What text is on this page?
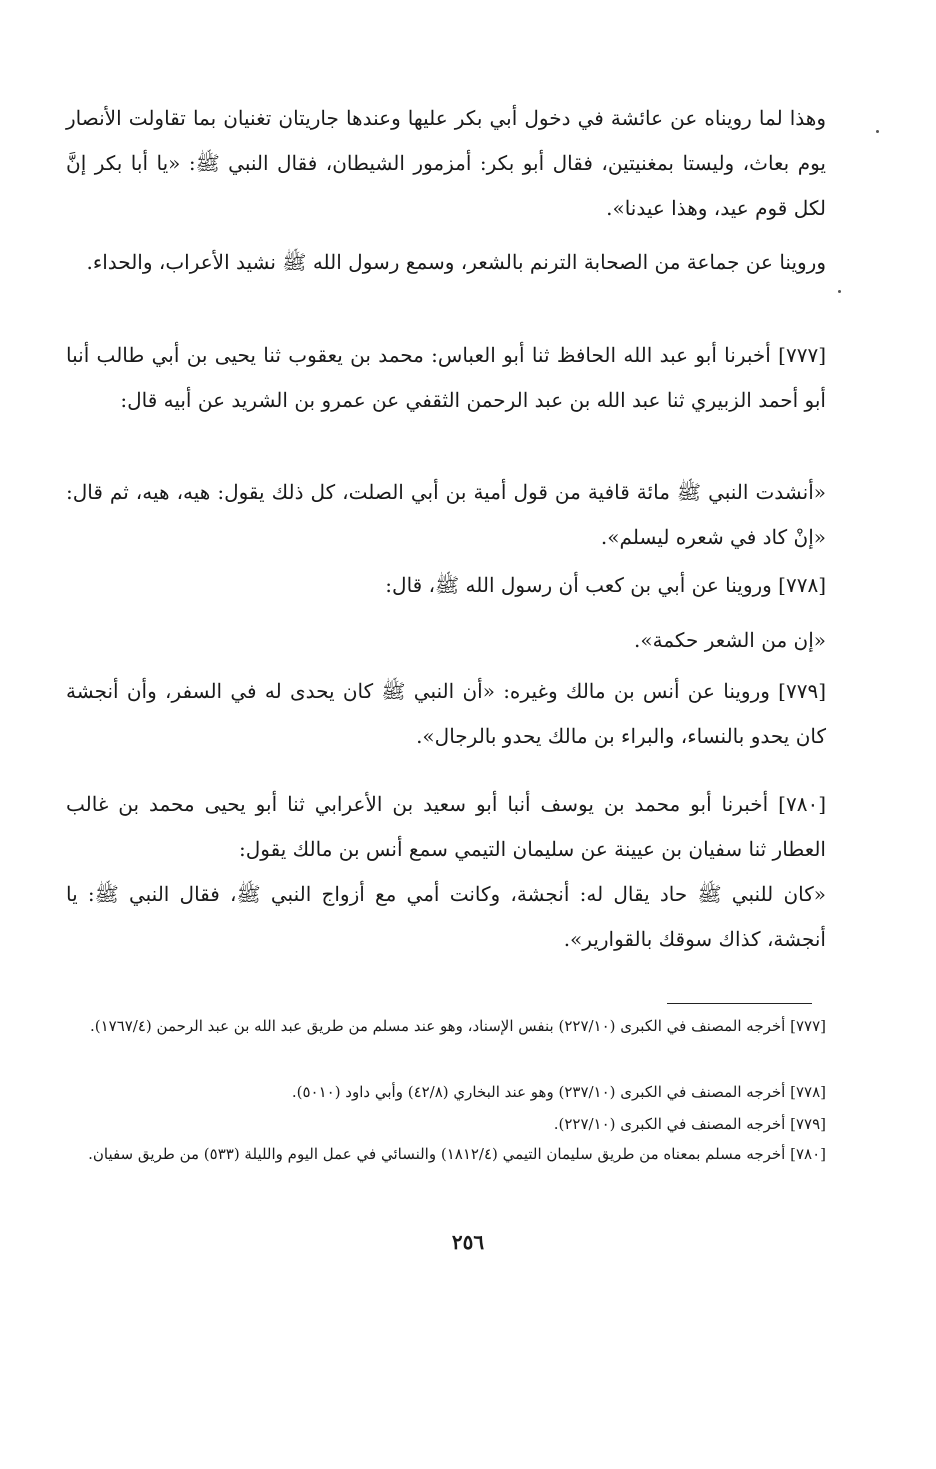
وهذا لما رويناه عن عائشة في دخول أبي بكر عليها وعندها جاريتان تغنيان بما تقاولت الأنصار يوم بعاث، وليستا بمغنيتين، فقال أبو بكر: أمزمور الشيطان، فقال النبي ﷺ: «يا أبا بكر إنَّ لكل قوم عيد، وهذا عيدنا».

وروينا عن جماعة من الصحابة الترنم بالشعر، وسمع رسول الله ﷺ نشيد الأعراب، والحداء.

[٧٧٧] أخبرنا أبو عبد الله الحافظ ثنا أبو العباس: محمد بن يعقوب ثنا يحيى بن أبي طالب أنبا أبو أحمد الزبيري ثنا عبد الله بن عبد الرحمن الثقفي عن عمرو بن الشريد عن أبيه قال:

«أنشدت النبي ﷺ مائة قافية من قول أمية بن أبي الصلت، كل ذلك يقول: هيه، هيه، ثم قال: «إنْ كاد في شعره ليسلم».

[٧٧٨] وروينا عن أبي بن كعب أن رسول الله ﷺ، قال:

«إن من الشعر حكمة».

[٧٧٩] وروينا عن أنس بن مالك وغيره: «أن النبي ﷺ كان يحدى له في السفر، وأن أنجشة كان يحدو بالنساء، والبراء بن مالك يحدو بالرجال».

[٧٨٠] أخبرنا أبو محمد بن يوسف أنبا أبو سعيد بن الأعرابي ثنا أبو يحيى محمد بن غالب العطار ثنا سفيان بن عيينة عن سليمان التيمي سمع أنس بن مالك يقول:

«كان للنبي ﷺ حاد يقال له: أنجشة، وكانت أمي مع أزواج النبي ﷺ، فقال النبي ﷺ: يا أنجشة، كذاك سوقك بالقوارير».

[٧٧٧] أخرجه المصنف في الكبرى (٢٢٧/١٠) بنفس الإسناد، وهو عند مسلم من طريق عبد الله بن عبد الرحمن (١٧٦٧/٤).

[٧٧٨] أخرجه المصنف في الكبرى (٢٣٧/١٠) وهو عند البخاري (٤٢/٨) وأبي داود (٥٠١٠).

[٧٧٩] أخرجه المصنف في الكبرى (٢٢٧/١٠).

[٧٨٠] أخرجه مسلم بمعناه من طريق سليمان التيمي (١٨١٢/٤) والنسائي في عمل اليوم والليلة (٥٣٣) من طريق سفيان.

٢٥٦
